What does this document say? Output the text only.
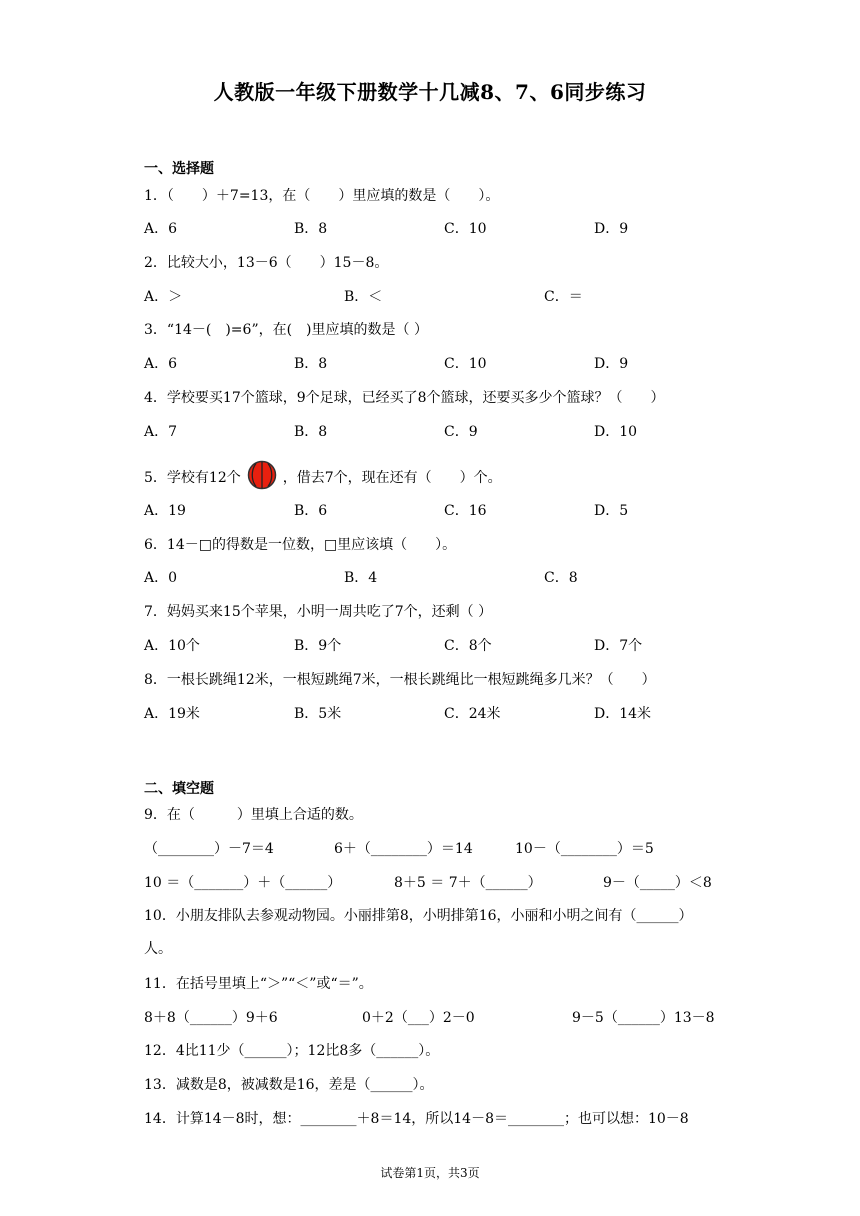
人教版一年级下册数学十几减8、7、6同步练习
一、选择题
1．（　　）＋7=13，在（　　）里应填的数是（　　）。
A．6	B．8	C．10	D．9
2．比较大小，13－6（　　）15－8。
A．＞	B．＜	C．＝
3．“14－(　)=6”，在(　)里应填的数是（ ）
A．6	B．8	C．10	D．9
4．学校要买17个篮球，9个足球，已经买了8个篮球，还要买多少个篮球？（　　）
A．7	B．8	C．9	D．10
5．学校有12个	，借去7个，现在还有（　　）个。
A．19	B．6	C．16	D．5
6．14－□的得数是一位数，□里应该填（　　）。
A．0	B．4	C．8
7．妈妈买来15个苹果，小明一周共吃了7个，还剩（ ）
A．10个	B．9个	C．8个	D．7个
8．一根长跳绳12米，一根短跳绳7米，一根长跳绳比一根短跳绳多几米？（　　）
A．19米	B．5米	C．24米	D．14米
二、填空题
9．在（　　　）里填上合适的数。
（________）－7＝4	6＋（________）＝14	10－（________）＝5
10 ＝（_______）＋（______）	8＋5 ＝ 7＋（______）	9－（_____）＜8
10．小朋友排队去参观动物园。小丽排第8，小明排第16，小丽和小明之间有（______）
人。
11．在括号里填上“＞”“＜”或“＝”。
8＋8（______）9＋6	0＋2（___）2－0	9－5（______）13－8
12．4比11少（______）；12比8多（______）。
13．减数是8，被减数是16，差是（______）。
14．计算14－8时，想：________＋8＝14，所以14－8＝________；也可以想：10－8
试卷第1页，共3页
